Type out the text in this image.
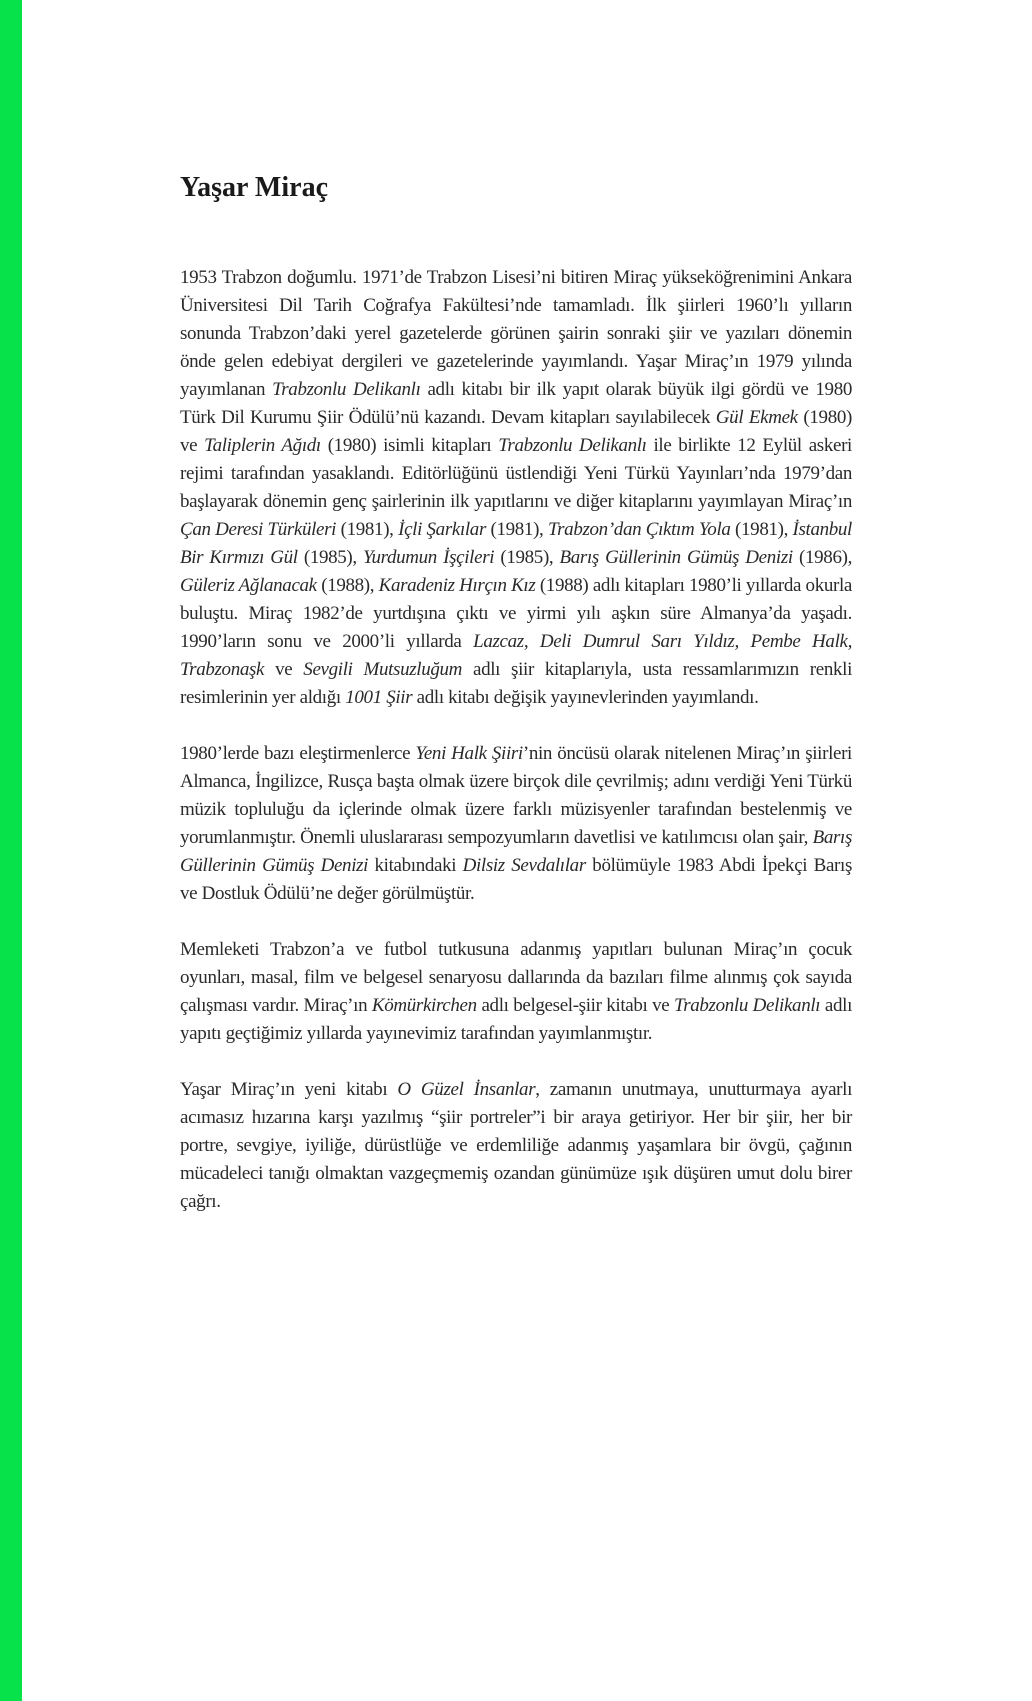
Yaşar Miraç

1953 Trabzon doğumlu. 1971’de Trabzon Lisesi’ni bitiren Miraç yükseköğrenimini Ankara Üniversitesi Dil Tarih Coğrafya Fakültesi’nde tamamladı. İlk şiirleri 1960’lı yılların sonunda Trabzon’daki yerel gazetelerde görünen şairin sonraki şiir ve yazıları dönemin önde gelen edebiyat dergileri ve gazetelerinde yayımlandı. Yaşar Miraç’ın 1979 yılında yayımlanan Trabzonlu Delikanlı adlı kitabı bir ilk yapıt olarak büyük ilgi gördü ve 1980 Türk Dil Kurumu Şiir Ödülü’nü kazandı. Devam kitapları sayılabilecek Gül Ekmek (1980) ve Taliplerin Ağıdı (1980) isimli kitapları Trabzonlu Delikanlı ile birlikte 12 Eylül askeri rejimi tarafından yasaklandı. Editörlüğünü üstlendiği Yeni Türkü Yayınları’nda 1979’dan başlayarak dönemin genç şairlerinin ilk yapıtlarını ve diğer kitaplarını yayımlayan Miraç’ın Çan Deresi Türküleri (1981), İçli Şarkılar (1981), Trabzon’dan Çıktım Yola (1981), İstanbul Bir Kırmızı Gül (1985), Yurdumun İşçileri (1985), Barış Güllerinin Gümüş Denizi (1986), Güleriz Ağlanacak (1988), Karadeniz Hırçın Kız (1988) adlı kitapları 1980’li yıllarda okurla buluştu. Miraç 1982’de yurtdışına çıktı ve yirmi yılı aşkın süre Almanya’da yaşadı. 1990’ların sonu ve 2000’li yıllarda Lazcaz, Deli Dumrul Sarı Yıldız, Pembe Halk, Trabzonaşk ve Sevgili Mutsuzluğum adlı şiir kitaplarıyla, usta ressamlarımızın renkli resimlerinin yer aldığı 1001 Şiir adlı kitabı değişik yayınevlerinden yayımlandı.

1980’lerde bazı eleştirmenlerce Yeni Halk Şiiri’nin öncüsü olarak nitelenen Miraç’ın şiirleri Almanca, İngilizce, Rusça başta olmak üzere birçok dile çevrilmiş; adını verdiği Yeni Türkü müzik topluluğu da içlerinde olmak üzere farklı müzisyenler tarafından bestelenmiş ve yorumlanmıştır. Önemli uluslararası sempozyumların davetlisi ve katılımcısı olan şair, Barış Güllerinin Gümüş Denizi kitabındaki Dilsiz Sevdalılar bölümüyle 1983 Abdi İpekçi Barış ve Dostluk Ödülü’ne değer görülmüştür.

Memleketi Trabzon’a ve futbol tutkusuna adanmış yapıtları bulunan Miraç’ın çocuk oyunları, masal, film ve belgesel senaryosu dallarında da bazıları filme alınmış çok sayıda çalışması vardır. Miraç’ın Kömürkirchen adlı belgesel-şiir kitabı ve Trabzonlu Delikanlı adlı yapıtı geçtiğimiz yıllarda yayınevimiz tarafından yayımlanmıştır.

Yaşar Miraç’ın yeni kitabı O Güzel İnsanlar, zamanın unutmaya, unutturmaya ayarlı acımasız hızarına karşı yazılmış “şiir portreler”i bir araya getiriyor. Her bir şiir, her bir portre, sevgiye, iyiliğe, dürüstlüğe ve erdemliliğe adanmış yaşamlara bir övgü, çağının mücadeleci tanığı olmaktan vazgeçmemiş ozandan günümüze ışık düşüren umut dolu birer çağrı.
